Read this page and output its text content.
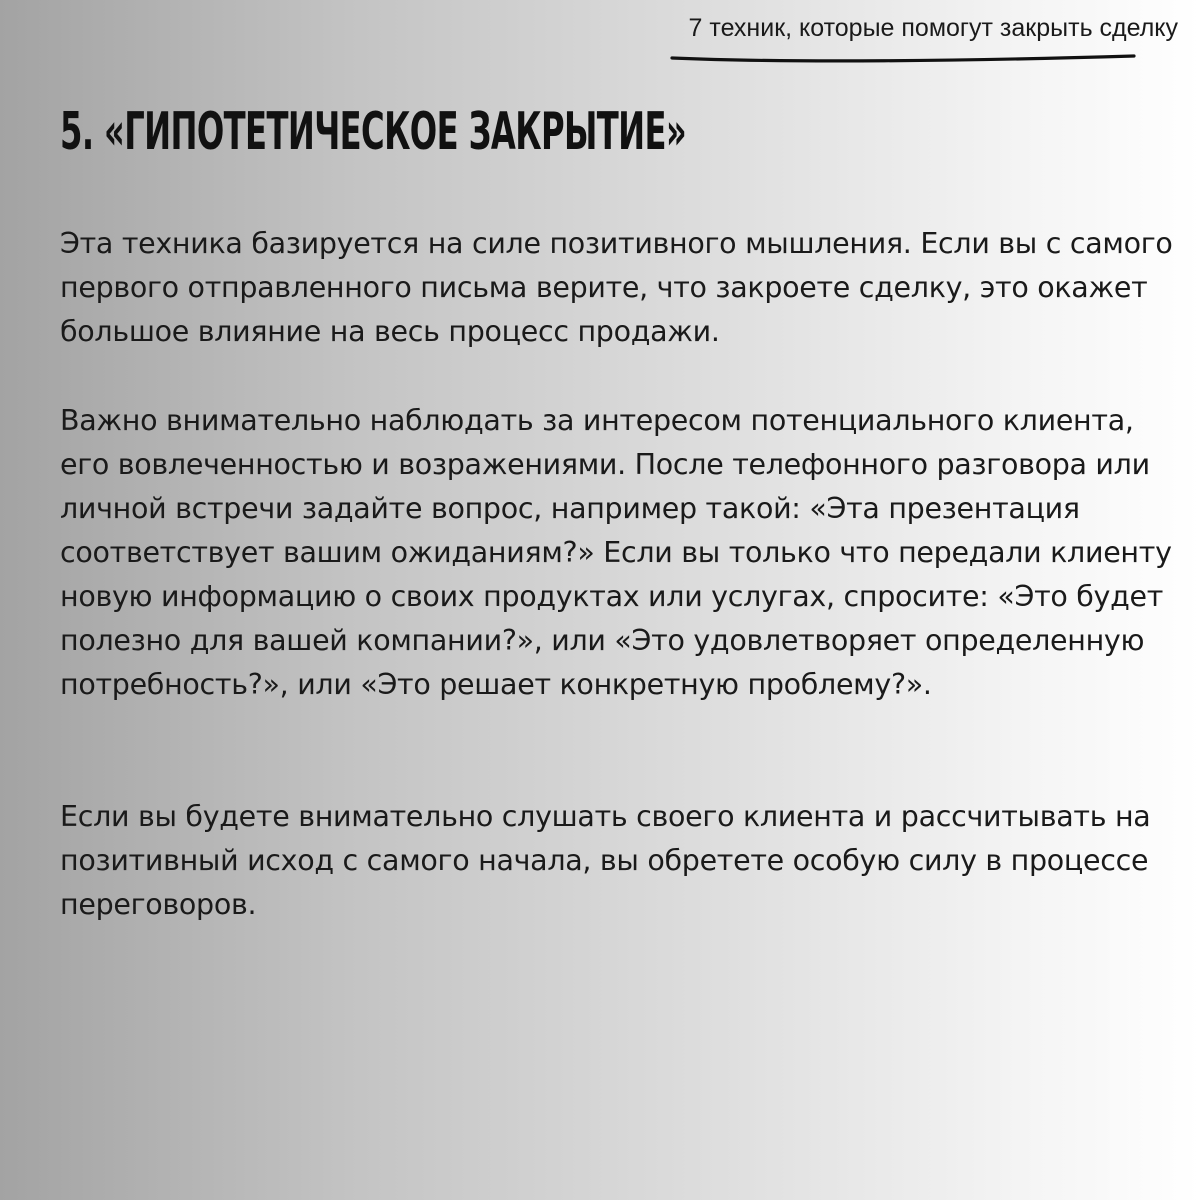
7 техник, которые помогут закрыть сделку
5. «ГИПОТЕТИЧЕСКОЕ ЗАКРЫТИЕ»

Эта техника базируется на силе позитивного мышления. Если вы с самого первого отправленного письма верите, что закроете сделку, это окажет большое влияние на весь процесс продажи.

Важно внимательно наблюдать за интересом потенциального клиента, его вовлеченностью и возражениями. После телефонного разговора или личной встречи задайте вопрос, например такой: «Эта презентация соответствует вашим ожиданиям?» Если вы только что передали клиенту новую информацию о своих продуктах или услугах, спросите: «Это будет полезно для вашей компании?», или «Это удовлетворяет определенную потребность?», или «Это решает конкретную проблему?».

Если вы будете внимательно слушать своего клиента и рассчитывать на позитивный исход с самого начала, вы обретете особую силу в процессе переговоров.
